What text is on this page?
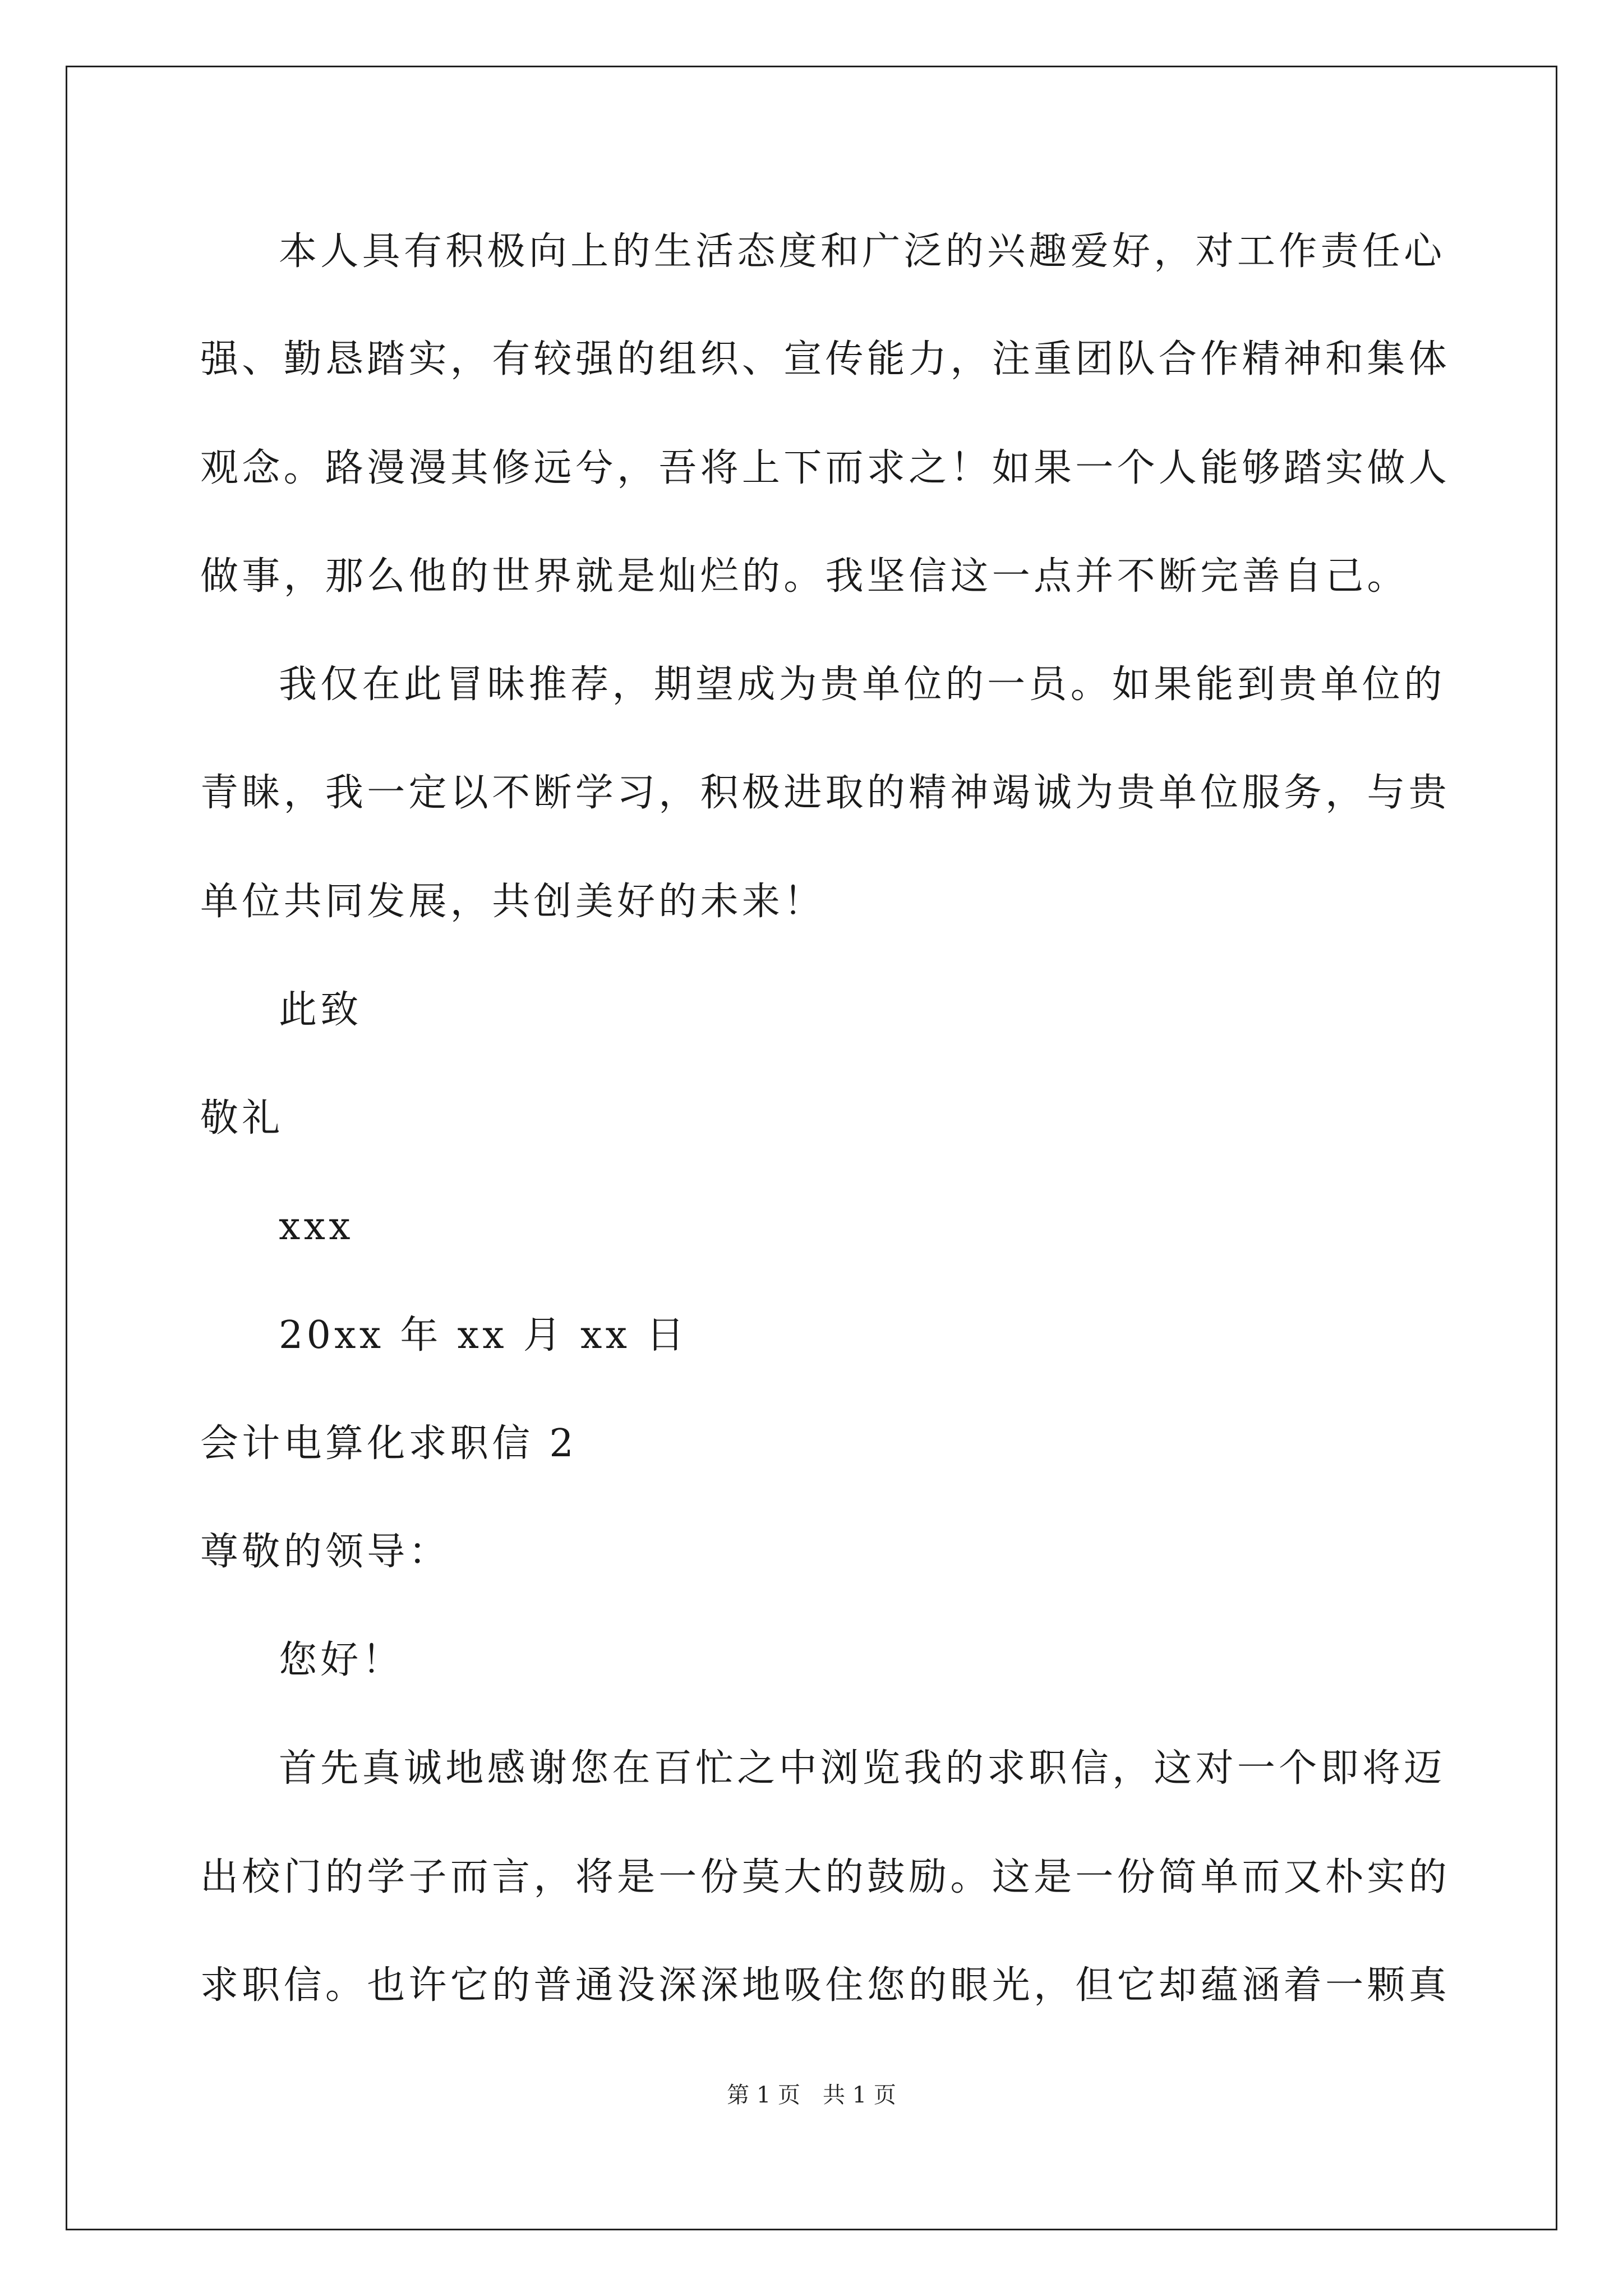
本人具有积极向上的生活态度和广泛的兴趣爱好，对工作责任心
强、勤恳踏实，有较强的组织、宣传能力，注重团队合作精神和集体
观念。路漫漫其修远兮，吾将上下而求之！如果一个人能够踏实做人
做事，那么他的世界就是灿烂的。我坚信这一点并不断完善自己。
我仅在此冒昧推荐，期望成为贵单位的一员。如果能到贵单位的
青睐，我一定以不断学习，积极进取的精神竭诚为贵单位服务，与贵
单位共同发展，共创美好的未来！
此致
敬礼
xxx
20xx 年 xx 月 xx 日
会计电算化求职信 2
尊敬的领导：
您好！
首先真诚地感谢您在百忙之中浏览我的求职信，这对一个即将迈
出校门的学子而言，将是一份莫大的鼓励。这是一份简单而又朴实的
求职信。也许它的普通没深深地吸住您的眼光，但它却蕴涵着一颗真
第 1 页　共 1 页
